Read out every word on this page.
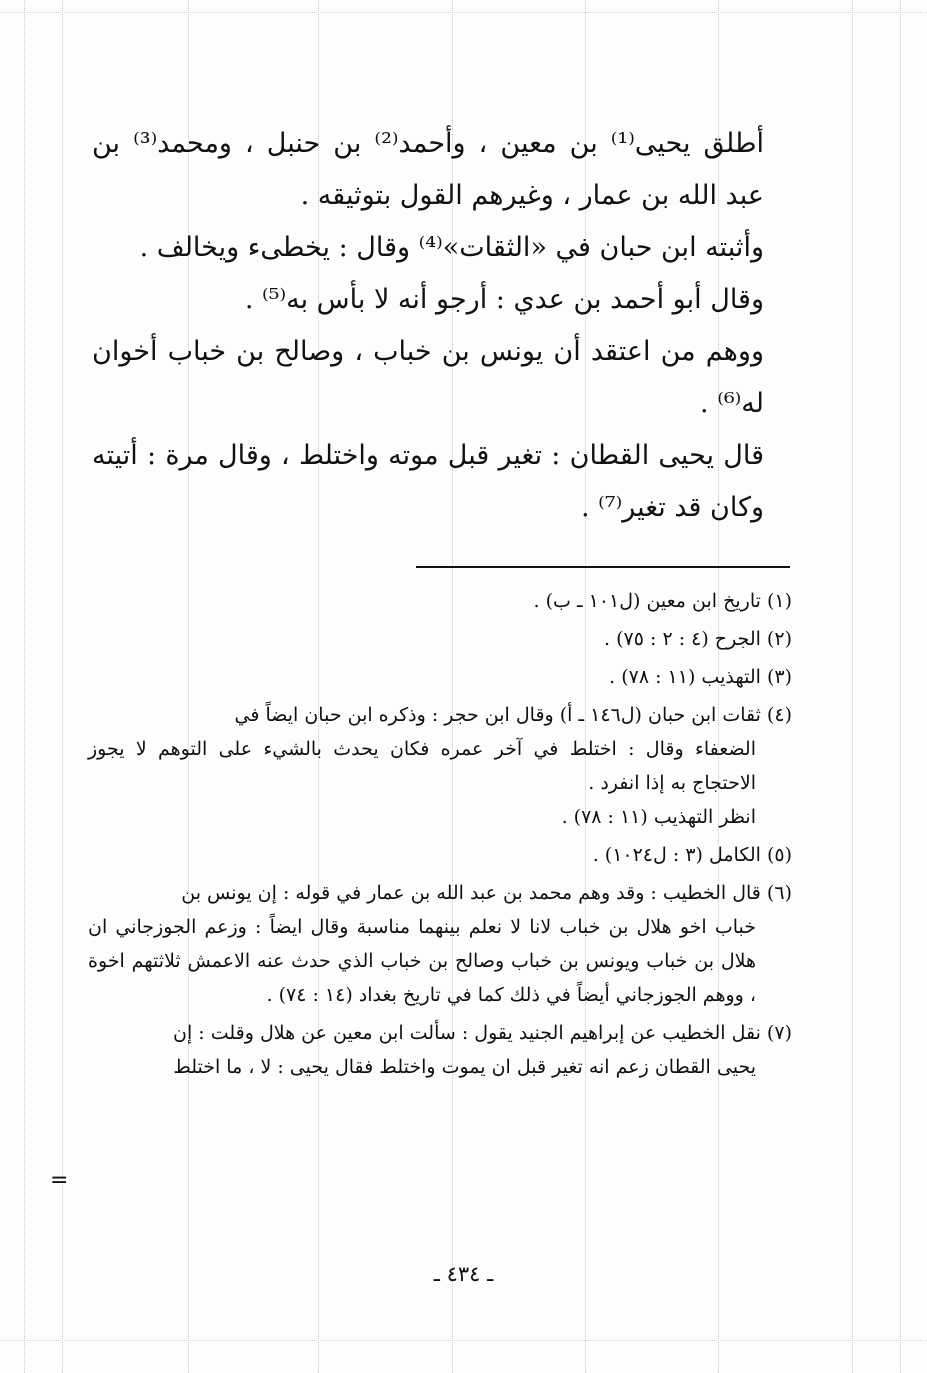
أطلق يحيى⁽¹⁾ بن معين ، وأحمد⁽²⁾ بن حنبل ، ومحمد⁽³⁾ بن عبد الله بن عمار ، وغيرهم القول بتوثيقه .

وأثبته ابن حبان في «الثقات»⁽⁴⁾ وقال : يخطىء ويخالف .

وقال أبو أحمد بن عدي : أرجو أنه لا بأس به⁽⁵⁾ .

ووهم من اعتقد أن يونس بن خباب ، وصالح بن خباب أخوان له⁽⁶⁾ .

قال يحيى القطان : تغير قبل موته واختلط ، وقال مرة : أتيته وكان قد تغير⁽⁷⁾ .

(١) تاريخ ابن معين (ل١٠١ ـ ب) .

(٢) الجرح (٤ : ٢ : ٧٥) .

(٣) التهذيب (١١ : ٧٨) .

(٤) ثقات ابن حبان (ل١٤٦ ـ أ) وقال ابن حجر : وذكره ابن حبان ايضاً في
الضعفاء وقال : اختلط في آخر عمره فكان يحدث بالشيء على التوهم لا يجوز الاحتجاج به إذا انفرد .
انظر التهذيب (١١ : ٧٨) .

(٥) الكامل (٣ : ل١٠٢٤) .

(٦) قال الخطيب : وقد وهم محمد بن عبد الله بن عمار في قوله : إن يونس بن
خباب اخو هلال بن خباب لانا لا نعلم بينهما مناسبة وقال ايضاً : وزعم الجوزجاني ان هلال بن خباب ويونس بن خباب وصالح بن خباب الذي حدث عنه الاعمش ثلاثتهم اخوة ، ووهم الجوزجاني أيضاً في ذلك كما في تاريخ بغداد (١٤ : ٧٤) .

(٧) نقل الخطيب عن إبراهيم الجنيد يقول : سألت ابن معين عن هلال وقلت : إن
يحيى القطان زعم انه تغير قبل ان يموت واختلط فقال يحيى : لا ، ما اختلط

=
ـ ٤٣٤ ـ
